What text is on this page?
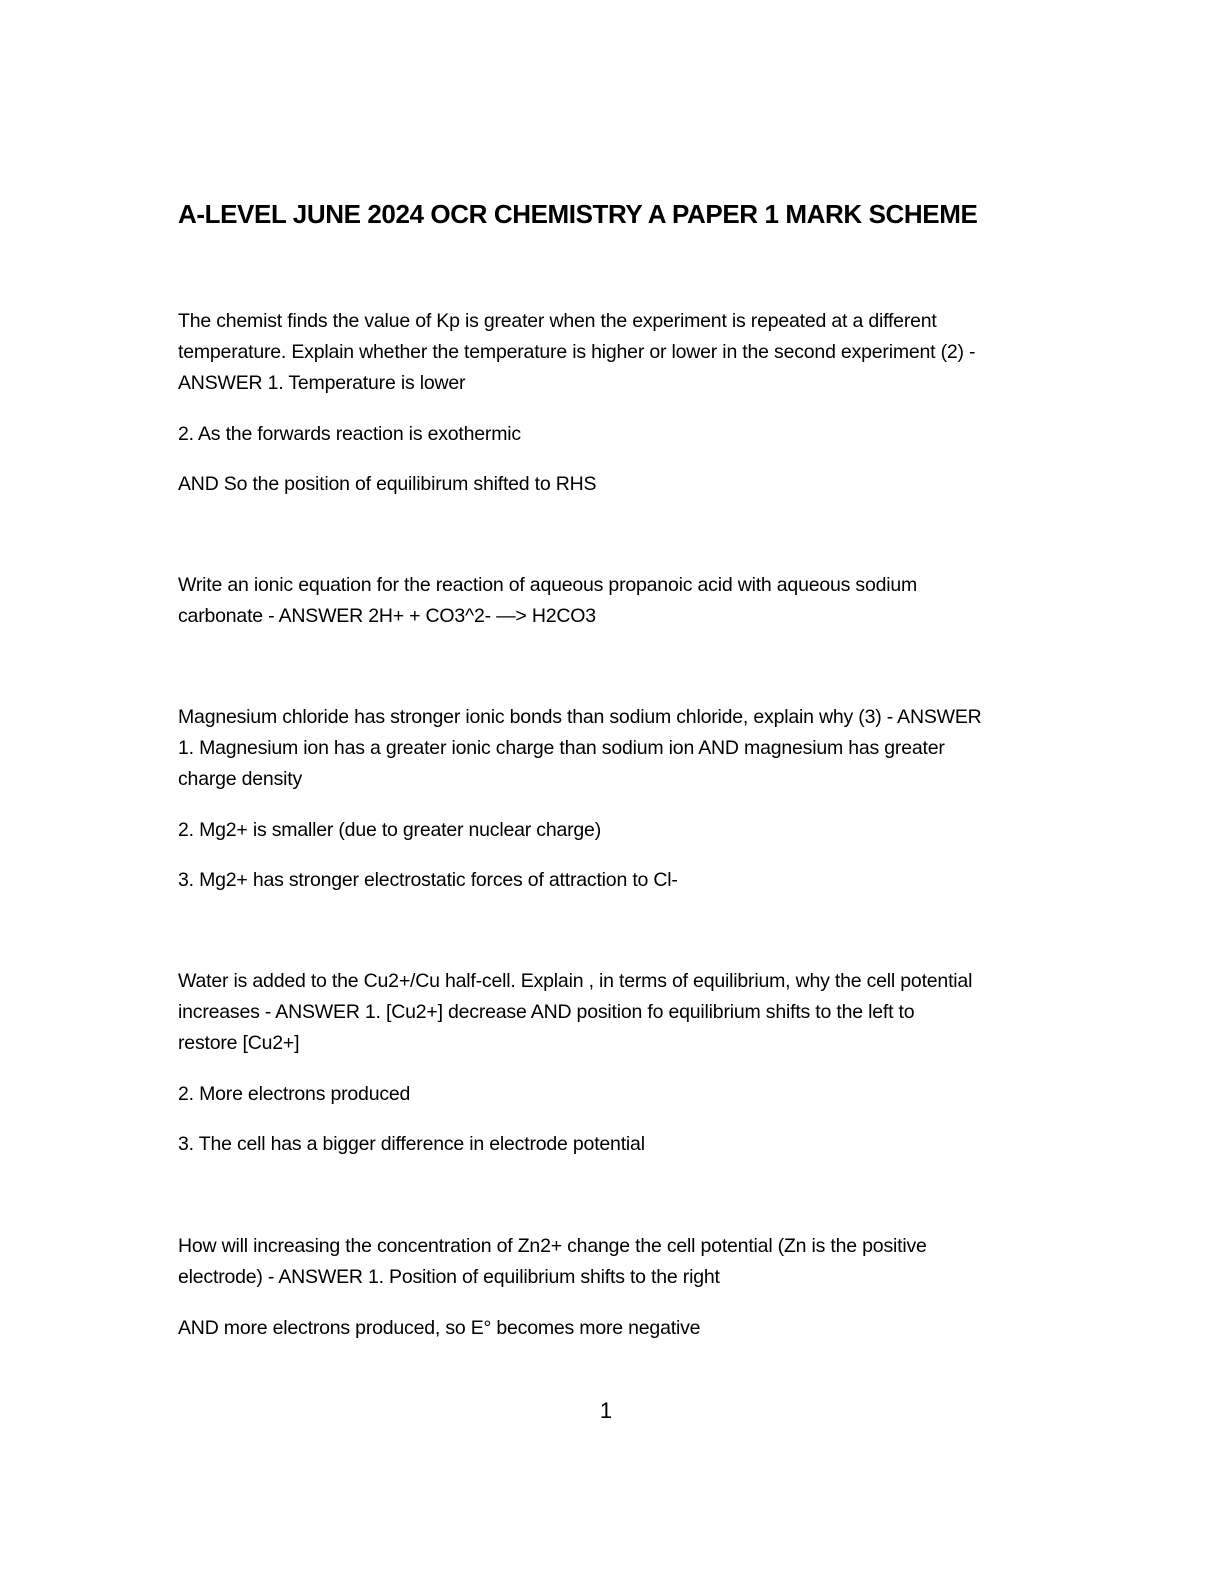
A-LEVEL JUNE 2024 OCR CHEMISTRY A PAPER 1 MARK SCHEME

The chemist finds the value of Kp is greater when the experiment is repeated at a different
temperature. Explain whether the temperature is higher or lower in the second experiment (2) -
ANSWER 1. Temperature is lower

2. As the forwards reaction is exothermic

AND So the position of equilibirum shifted to RHS

Write an ionic equation for the reaction of aqueous propanoic acid with aqueous sodium
carbonate - ANSWER 2H+ + CO3^2- —> H2CO3

Magnesium chloride has stronger ionic bonds than sodium chloride, explain why (3) - ANSWER
1. Magnesium ion has a greater ionic charge than sodium ion AND magnesium has greater
charge density

2. Mg2+ is smaller (due to greater nuclear charge)

3. Mg2+ has stronger electrostatic forces of attraction to Cl-

Water is added to the Cu2+/Cu half-cell. Explain , in terms of equilibrium, why the cell potential
increases - ANSWER 1. [Cu2+] decrease AND position fo equilibrium shifts to the left to
restore [Cu2+]

2. More electrons produced

3. The cell has a bigger difference in electrode potential

How will increasing the concentration of Zn2+ change the cell potential (Zn is the positive
electrode) - ANSWER 1. Position of equilibrium shifts to the right

AND more electrons produced, so E° becomes more negative

1
